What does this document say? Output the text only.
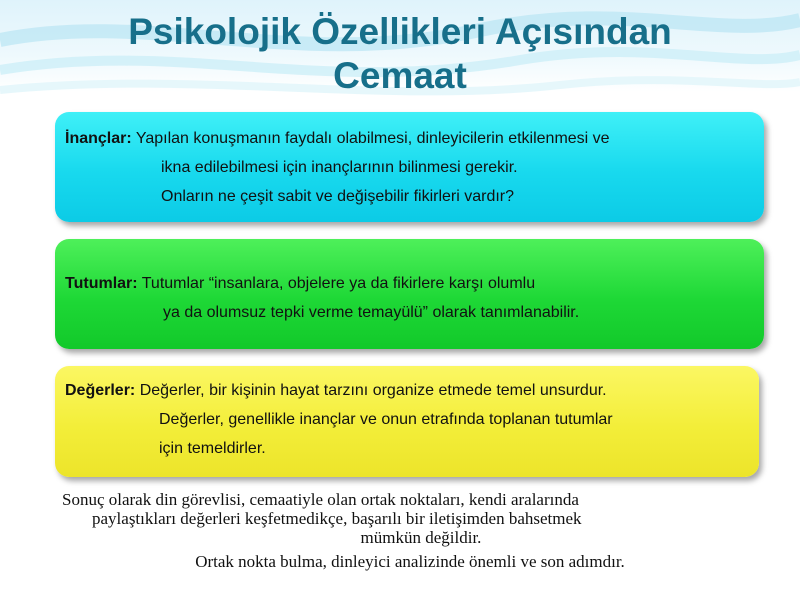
Psikolojik Özellikleri Açısından
Cemaat
İnançlar: Yapılan konuşmanın faydalı olabilmesi, dinleyicilerin etkilenmesi ve
ikna edilebilmesi için inançlarının bilinmesi gerekir.
Onların ne çeşit sabit ve değişebilir fikirleri vardır?
Tutumlar: Tutumlar “insanlara, objelere ya da fikirlere karşı olumlu
ya da olumsuz tepki verme temayülü” olarak tanımlanabilir.
Değerler: Değerler, bir kişinin hayat tarzını organize etmede temel unsurdur.
Değerler, genellikle inançlar ve onun etrafında toplanan tutumlar
için temeldirler.
Sonuç olarak din görevlisi, cemaatiyle olan ortak noktaları, kendi aralarında
paylaştıkları değerleri keşfetmedikçe, başarılı bir iletişimden bahsetmek
mümkün değildir.
Ortak nokta bulma, dinleyici analizinde önemli ve son adımdır.
